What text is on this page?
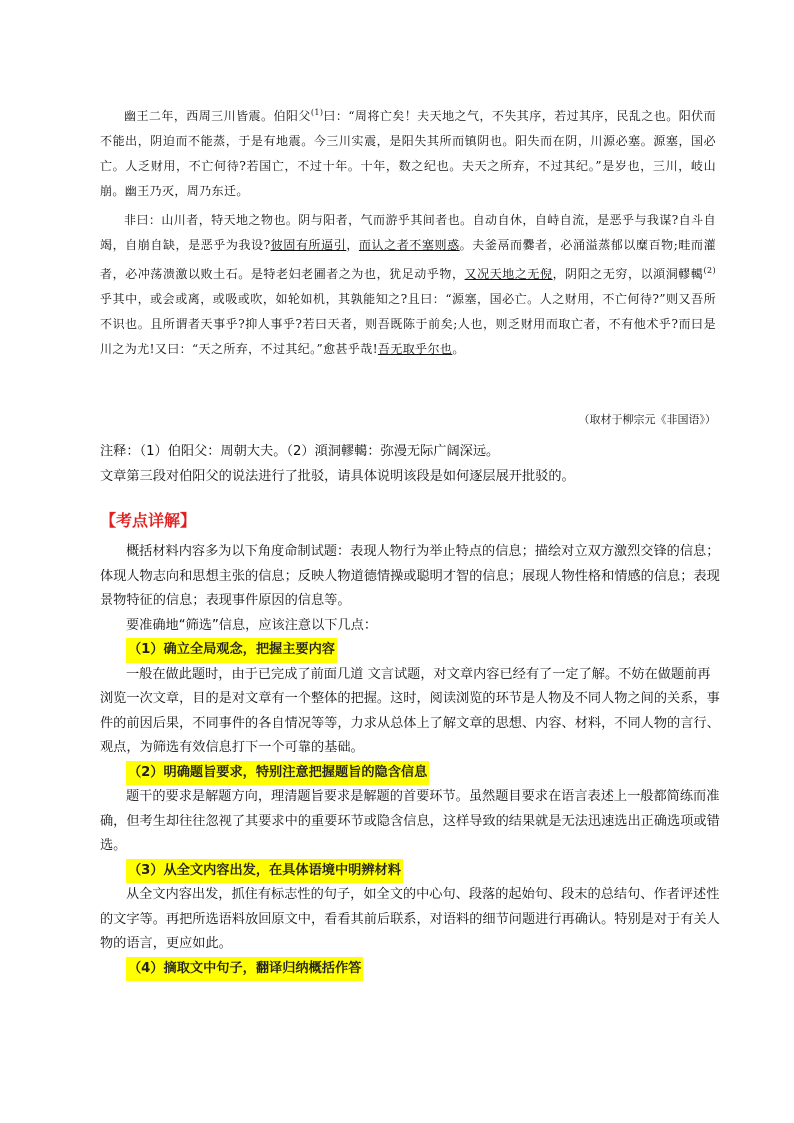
幽王二年，西周三川皆震。伯阳父$^{(1)}$曰：“周将亡矣！夫天地之气，不失其序，若过其序，民乱之也。阳伏而不能出，阴迫而不能蒸，于是有地震。今三川实震，是阳失其所而镇阴也。阳失而在阴，川源必塞。源塞，国必亡。人乏财用，不亡何待?若国亡，不过十年。十年，数之纪也。夫天之所弃，不过其纪。”是岁也，三川，岐山崩。幽王乃灭，周乃东迁。

非曰：山川者，特天地之物也。阴与阳者，气而游乎其间者也。自动自休，自峙自流，是恶乎与我谋?自斗自竭，自崩自缺，是恶乎为我设?彼固有所逼引，而认之者不塞则惑。夫釜鬲而爨者，必涌溢蒸郁以糜百物;畦而灌者，必冲荡溃激以败土石。是特老妇老圃者之为也，犹足动乎物，又况天地之无倪，阴阳之无穷，以澒洞轇轕$^{(2)}$乎其中，或会或离，或吸或吹，如轮如机，其孰能知之?且曰：“源塞，国必亡。人之财用，不亡何待?”则又吾所不识也。且所谓者天事乎?抑人事乎?若曰天者，则吾既陈于前矣;人也，则乏财用而取亡者，不有他术乎?而曰是川之为尤!又曰：“天之所弃，不过其纪。”愈甚乎哉!吾无取乎尔也。

（取材于柳宗元《非国语》）

注释：（1）伯阳父：周朝大夫。（2）澒洞轇轕：弥漫无际广阔深远。

文章第三段对伯阳父的说法进行了批驳，请具体说明该段是如何逐层展开批驳的。

【考点详解】

概括材料内容多为以下角度命制试题：表现人物行为举止特点的信息；描绘对立双方激烈交锋的信息；体现人物志向和思想主张的信息；反映人物道德情操或聪明才智的信息；展现人物性格和情感的信息；表现景物特征的信息；表现事件原因的信息等。

要准确地“筛选”信息，应该注意以下几点：

（1）确立全局观念，把握主要内容

一般在做此题时，由于已完成了前面几道 文言试题，对文章内容已经有了一定了解。不妨在做题前再浏览一次文章，目的是对文章有一个整体的把握。这时，阅读浏览的环节是人物及不同人物之间的关系，事件的前因后果，不同事件的各自情况等等，力求从总体上了解文章的思想、内容、材料，不同人物的言行、观点，为筛选有效信息打下一个可靠的基础。

（2）明确题旨要求，特别注意把握题旨的隐含信息

题干的要求是解题方向，理清题旨要求是解题的首要环节。虽然题目要求在语言表述上一般都简练而准确，但考生却往往忽视了其要求中的重要环节或隐含信息，这样导致的结果就是无法迅速选出正确选项或错选。

（3）从全文内容出发，在具体语境中明辨材料

从全文内容出发，抓住有标志性的句子，如全文的中心句、段落的起始句、段末的总结句、作者评述性的文字等。再把所选语料放回原文中，看看其前后联系，对语料的细节问题进行再确认。特别是对于有关人物的语言，更应如此。

（4）摘取文中句子，翻译归纳概括作答
